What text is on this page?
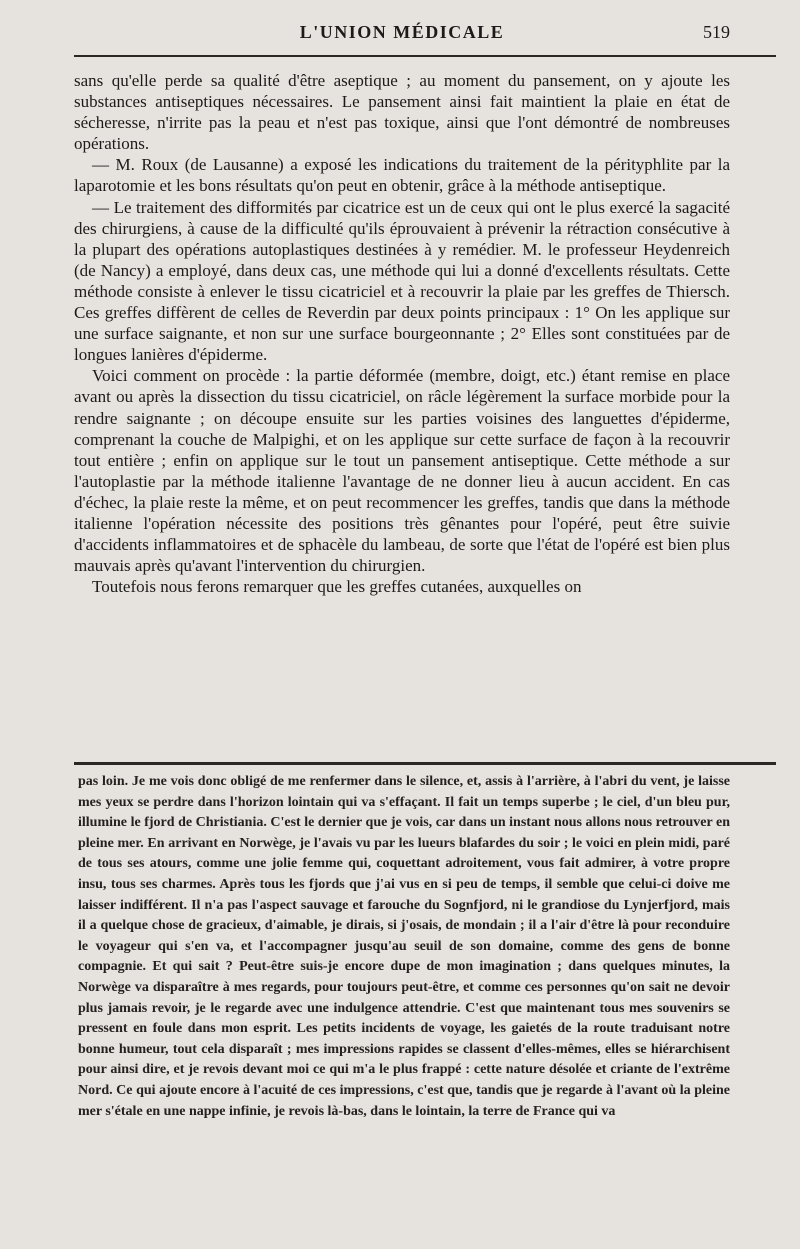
L'UNION MÉDICALE	519

sans qu'elle perde sa qualité d'être aseptique ; au moment du pansement, on y ajoute les substances antiseptiques nécessaires. Le pansement ainsi fait maintient la plaie en état de sécheresse, n'irrite pas la peau et n'est pas toxique, ainsi que l'ont démontré de nombreuses opérations.

— M. Roux (de Lausanne) a exposé les indications du traitement de la pérityphlite par la laparotomie et les bons résultats qu'on peut en obtenir, grâce à la méthode antiseptique.

— Le traitement des difformités par cicatrice est un de ceux qui ont le plus exercé la sagacité des chirurgiens, à cause de la difficulté qu'ils éprouvaient à prévenir la rétraction consécutive à la plupart des opérations autoplastiques destinées à y remédier. M. le professeur Heydenreich (de Nancy) a employé, dans deux cas, une méthode qui lui a donné d'excellents résultats. Cette méthode consiste à enlever le tissu cicatriciel et à recouvrir la plaie par les greffes de Thiersch. Ces greffes diffèrent de celles de Reverdin par deux points principaux : 1° On les applique sur une surface saignante, et non sur une surface bourgeonnante ; 2° Elles sont constituées par de longues lanières d'épiderme.

Voici comment on procède : la partie déformée (membre, doigt, etc.) étant remise en place avant ou après la dissection du tissu cicatriciel, on râcle légèrement la surface morbide pour la rendre saignante ; on découpe ensuite sur les parties voisines des languettes d'épiderme, comprenant la couche de Malpighi, et on les applique sur cette surface de façon à la recouvrir tout entière ; enfin on applique sur le tout un pansement antiseptique. Cette méthode a sur l'autoplastie par la méthode italienne l'avantage de ne donner lieu à aucun accident. En cas d'échec, la plaie reste la même, et on peut recommencer les greffes, tandis que dans la méthode italienne l'opération nécessite des positions très gênantes pour l'opéré, peut être suivie d'accidents inflammatoires et de sphacèle du lambeau, de sorte que l'état de l'opéré est bien plus mauvais après qu'avant l'intervention du chirurgien.

Toutefois nous ferons remarquer que les greffes cutanées, auxquelles on

pas loin. Je me vois donc obligé de me renfermer dans le silence, et, assis à l'arrière, à l'abri du vent, je laisse mes yeux se perdre dans l'horizon lointain qui va s'effaçant. Il fait un temps superbe ; le ciel, d'un bleu pur, illumine le fjord de Christiania. C'est le dernier que je vois, car dans un instant nous allons nous retrouver en pleine mer. En arrivant en Norwège, je l'avais vu par les lueurs blafardes du soir ; le voici en plein midi, paré de tous ses atours, comme une jolie femme qui, coquettant adroitement, vous fait admirer, à votre propre insu, tous ses charmes. Après tous les fjords que j'ai vus en si peu de temps, il semble que celui-ci doive me laisser indifférent. Il n'a pas l'aspect sauvage et farouche du Sognfjord, ni le grandiose du Lynjerfjord, mais il a quelque chose de gracieux, d'aimable, je dirais, si j'osais, de mondain ; il a l'air d'être là pour reconduire le voyageur qui s'en va, et l'accompagner jusqu'au seuil de son domaine, comme des gens de bonne compagnie. Et qui sait ? Peut-être suis-je encore dupe de mon imagination ; dans quelques minutes, la Norwège va disparaître à mes regards, pour toujours peut-être, et comme ces personnes qu'on sait ne devoir plus jamais revoir, je le regarde avec une indulgence attendrie. C'est que maintenant tous mes souvenirs se pressent en foule dans mon esprit. Les petits incidents de voyage, les gaietés de la route traduisant notre bonne humeur, tout cela disparaît ; mes impressions rapides se classent d'elles-mêmes, elles se hiérarchisent pour ainsi dire, et je revois devant moi ce qui m'a le plus frappé : cette nature désolée et criante de l'extrême Nord. Ce qui ajoute encore à l'acuité de ces impressions, c'est que, tandis que je regarde à l'avant où la pleine mer s'étale en une nappe infinie, je revois là-bas, dans le lointain, la terre de France qui va
